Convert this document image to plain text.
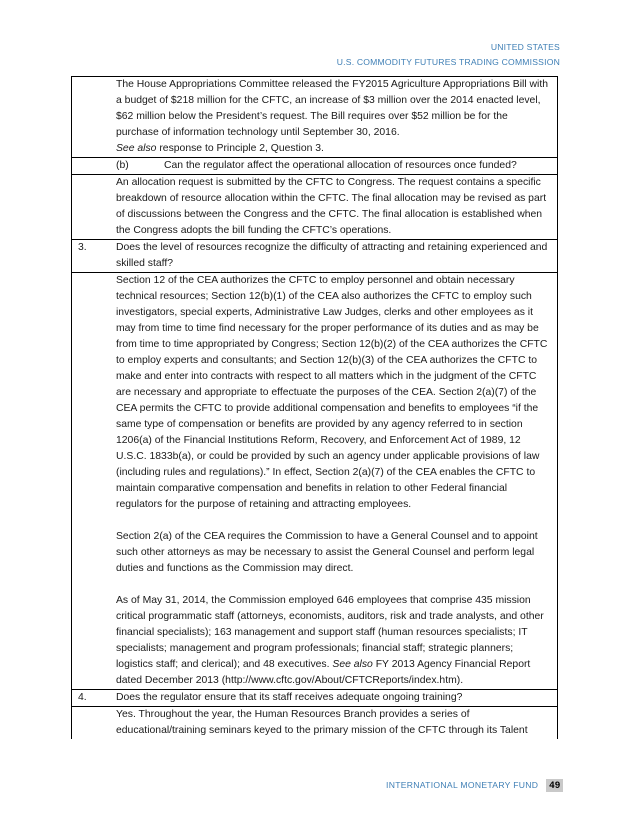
UNITED STATES
U.S. COMMODITY FUTURES TRADING COMMISSION

The House Appropriations Committee released the FY2015 Agriculture Appropriations Bill with a budget of $218 million for the CFTC, an increase of $3 million over the 2014 enacted level, $62 million below the President’s request. The Bill requires over $52 million be for the purchase of information technology until September 30, 2016.

See also response to Principle 2, Question 3.
(b)	Can the regulator affect the operational allocation of resources once funded?

An allocation request is submitted by the CFTC to Congress. The request contains a specific breakdown of resource allocation within the CFTC. The final allocation may be revised as part of discussions between the Congress and the CFTC. The final allocation is established when the Congress adopts the bill funding the CFTC’s operations.

3.	Does the level of resources recognize the difficulty of attracting and retaining experienced and skilled staff?

Section 12 of the CEA authorizes the CFTC to employ personnel and obtain necessary technical resources; Section 12(b)(1) of the CEA also authorizes the CFTC to employ such investigators, special experts, Administrative Law Judges, clerks and other employees as it may from time to time find necessary for the proper performance of its duties and as may be from time to time appropriated by Congress; Section 12(b)(2) of the CEA authorizes the CFTC to employ experts and consultants; and Section 12(b)(3) of the CEA authorizes the CFTC to make and enter into contracts with respect to all matters which in the judgment of the CFTC are necessary and appropriate to effectuate the purposes of the CEA. Section 2(a)(7) of the CEA permits the CFTC to provide additional compensation and benefits to employees “if the same type of compensation or benefits are provided by any agency referred to in section 1206(a) of the Financial Institutions Reform, Recovery, and Enforcement Act of 1989, 12 U.S.C. 1833b(a), or could be provided by such an agency under applicable provisions of law (including rules and regulations).” In effect, Section 2(a)(7) of the CEA enables the CFTC to maintain comparative compensation and benefits in relation to other Federal financial regulators for the purpose of retaining and attracting employees.

Section 2(a) of the CEA requires the Commission to have a General Counsel and to appoint such other attorneys as may be necessary to assist the General Counsel and perform legal duties and functions as the Commission may direct.

As of May 31, 2014, the Commission employed 646 employees that comprise 435 mission critical programmatic staff (attorneys, economists, auditors, risk and trade analysts, and other financial specialists); 163 management and support staff (human resources specialists; IT specialists; management and program professionals; financial staff; strategic planners; logistics staff; and clerical); and 48 executives. See also FY 2013 Agency Financial Report dated December 2013 (http://www.cftc.gov/About/CFTCReports/index.htm).

4.	Does the regulator ensure that its staff receives adequate ongoing training?

Yes. Throughout the year, the Human Resources Branch provides a series of educational/training seminars keyed to the primary mission of the CFTC through its Talent

INTERNATIONAL MONETARY FUND	49
